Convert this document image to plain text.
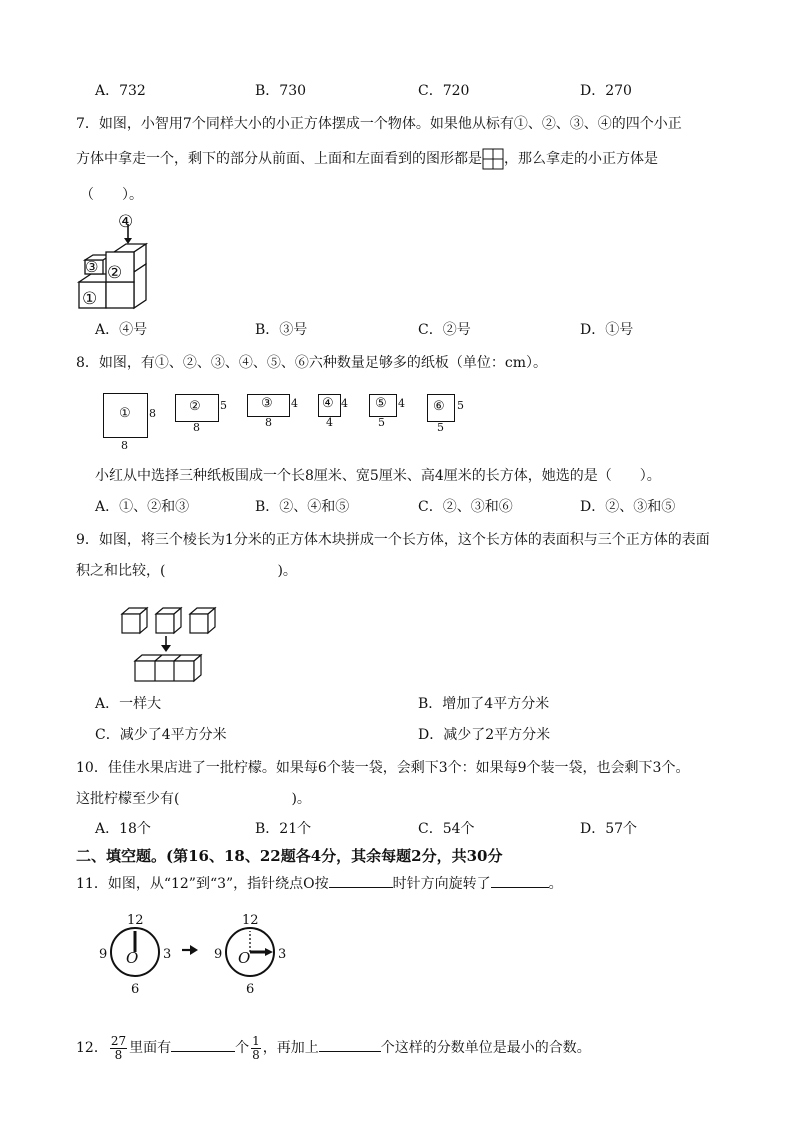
A．732	B．730	C．720	D．270
7．如图，小智用7个同样大小的小正方体摆成一个物体。如果他从标有①、②、③、④的四个小正
方体中拿走一个，剩下的部分从前面、上面和左面看到的图形都是 ，那么拿走的小正方体是
（　　）。
④
③ ②
①
A．④号	B．③号	C．②号	D．①号
8．如图，有①、②、③、④、⑤、⑥六种数量足够多的纸板（单位：cm）。
① 8
8
② 5
8
③ 4
8
④ 4
4
⑤ 4
5
⑥ 5
5
小红从中选择三种纸板围成一个长8厘米、宽5厘米、高4厘米的长方体，她选的是（　　）。
A．①、②和③	B．②、④和⑤	C．②、③和⑥	D．②、③和⑤
9．如图，将三个棱长为1分米的正方体木块拼成一个长方体，这个长方体的表面积与三个正方体的表面
积之和比较，(　　　　　　　　)。
A．一样大	B．增加了4平方分米
C．减少了4平方分米	D．减少了2平方分米
10．佳佳水果店进了一批柠檬。如果每6个装一袋，会剩下3个：如果每9个装一袋，也会剩下3个。
这批柠檬至少有(　　　　　　　　)。
A．18个	B．21个	C．54个	D．57个
二、填空题。(第16、18、22题各4分，其余每题2分，共30分
11．如图，从“12”到“3”，指针绕点O按	时针方向旋转了	。
12
3
6
9 O
12
3
6
9 O
12． $\frac{27}{8}$ 里面有	个 $\frac{1}{8}$ ，再加上	个这样的分数单位是最小的合数。
